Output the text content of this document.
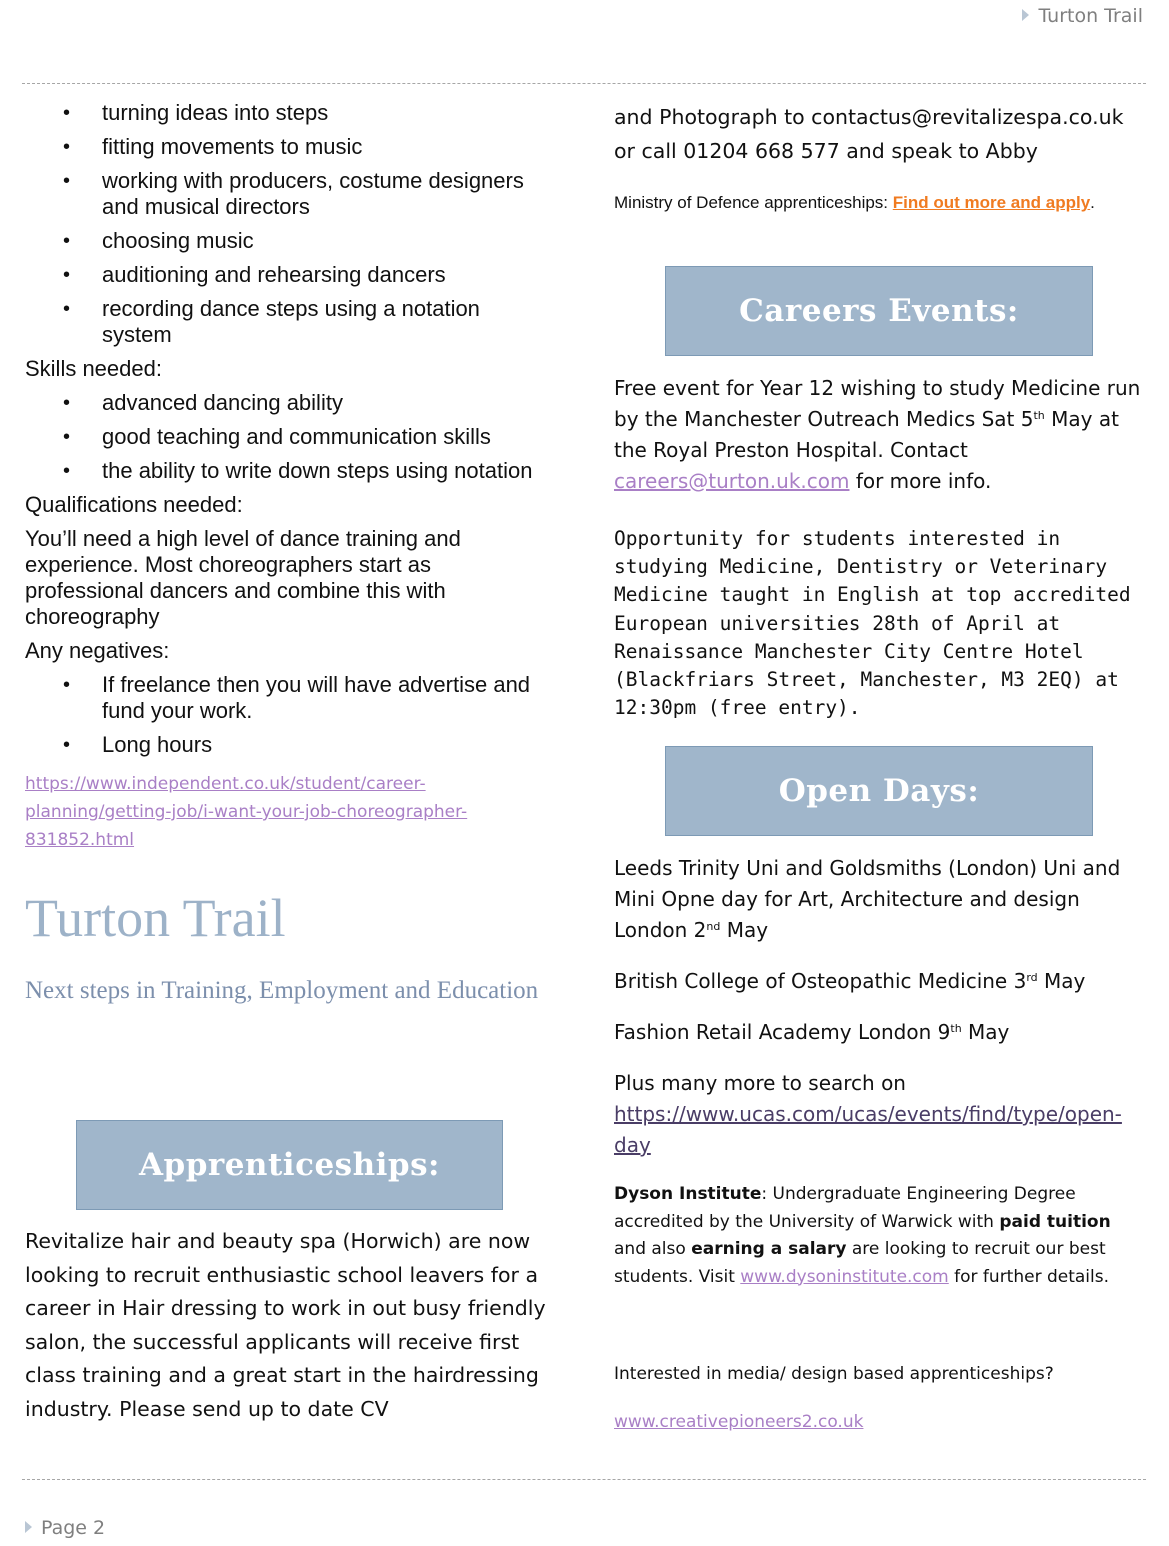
Turton Trail
• turning ideas into steps
• fitting movements to music
• working with producers, costume designers and musical directors
• choosing music
• auditioning and rehearsing dancers
• recording dance steps using a notation system

Skills needed:

• advanced dancing ability
• good teaching and communication skills
• the ability to write down steps using notation

Qualifications needed:

You’ll need a high level of dance training and experience. Most choreographers start as professional dancers and combine this with choreography

Any negatives:

• If freelance then you will have advertise and fund your work.
• Long hours
https://www.independent.co.uk/student/career-
planning/getting-job/i-want-your-job-choreographer-
831852.html
Turton Trail
Next steps in Training, Employment and Education
Apprenticeships:
Revitalize hair and beauty spa (Horwich) are now looking to recruit enthusiastic school leavers for a career in Hair dressing to work in out busy friendly salon, the successful applicants will receive first class training and a great start in the hairdressing industry. Please send up to date CV

and Photograph to contactus@revitalizespa.co.uk

or call 01204 668 577 and speak to Abby

Ministry of Defence apprenticeships: Find out more and apply.

Careers Events:

Free event for Year 12 wishing to study Medicine run by the Manchester Outreach Medics Sat 5th May at the Royal Preston Hospital. Contact careers@turton.uk.com for more info.

Opportunity for students interested in studying Medicine, Dentistry or Veterinary Medicine taught in English at top accredited European universities 28th of April at Renaissance Manchester City Centre Hotel (Blackfriars Street, Manchester, M3 2EQ) at 12:30pm (free entry).

Open Days:

Leeds Trinity Uni and Goldsmiths (London) Uni and Mini Opne day for Art, Architecture and design London 2nd May

British College of Osteopathic Medicine 3rd May

Fashion Retail Academy London 9th May

Plus many more to search on
https://www.ucas.com/ucas/events/find/type/open-day

Dyson Institute: Undergraduate Engineering Degree accredited by the University of Warwick with paid tuition and also earning a salary are looking to recruit our best students. Visit www.dysoninstitute.com for further details.

Interested in media/ design based apprenticeships?

www.creativepioneers2.co.uk

Page 2
